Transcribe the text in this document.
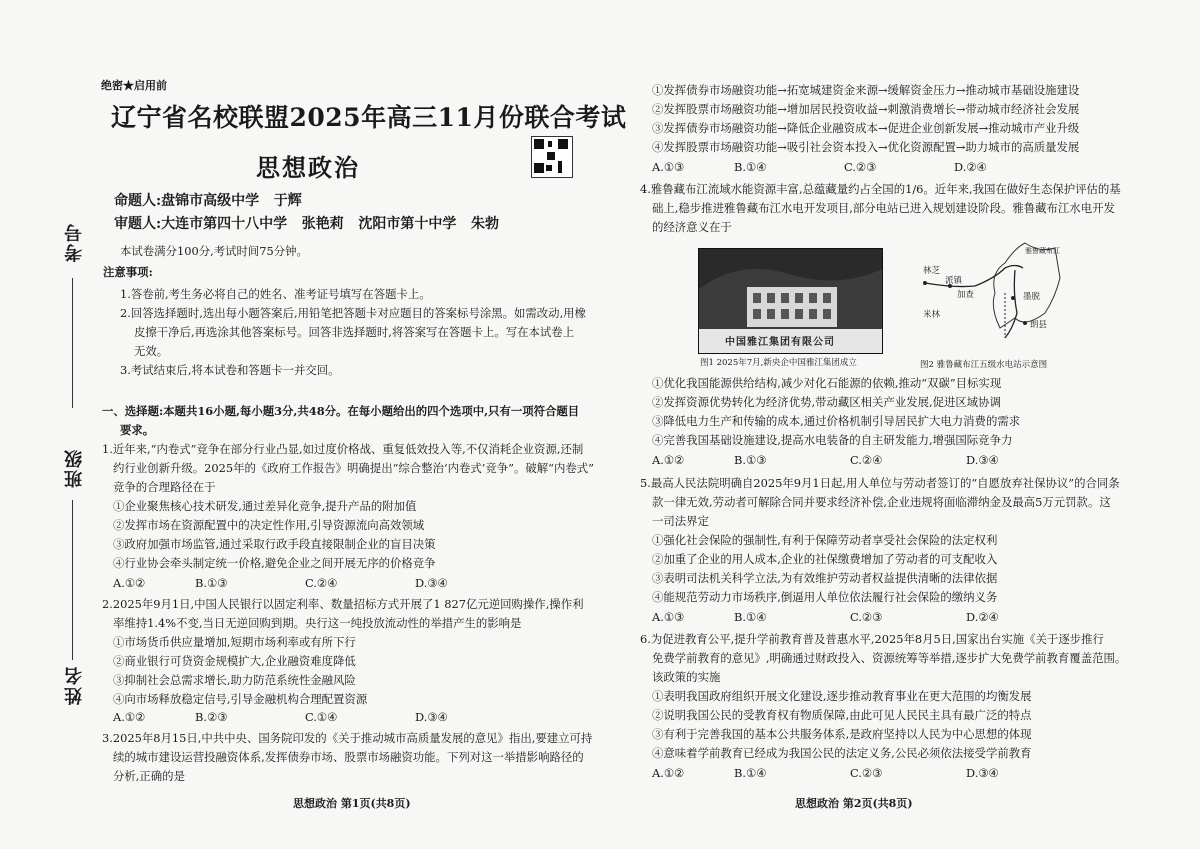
考号
班级
姓名
绝密★启用前
辽宁省名校联盟2025年高三11月份联合考试
思想政治
命题人:盘锦市高级中学   于辉
审题人:大连市第四十八中学   张艳莉   沈阳市第十中学   朱勃
本试卷满分100分,考试时间75分钟。
注意事项:
1.答卷前,考生务必将自己的姓名、准考证号填写在答题卡上。
2.回答选择题时,选出每小题答案后,用铅笔把答题卡对应题目的答案标号涂黑。如需改动,用橡
皮擦干净后,再选涂其他答案标号。回答非选择题时,将答案写在答题卡上。写在本试卷上
无效。
3.考试结束后,将本试卷和答题卡一并交回。
一、选择题:本题共16小题,每小题3分,共48分。在每小题给出的四个选项中,只有一项符合题目
要求。
1.近年来,“内卷式”竞争在部分行业凸显,如过度价格战、重复低效投入等,不仅消耗企业资源,还制
约行业创新升级。2025年的《政府工作报告》明确提出“综合整治‘内卷式’竞争”。破解“内卷式”
竞争的合理路径在于
①企业聚焦核心技术研发,通过差异化竞争,提升产品的附加值
②发挥市场在资源配置中的决定性作用,引导资源流向高效领域
③政府加强市场监管,通过采取行政手段直接限制企业的盲目决策
④行业协会牵头制定统一价格,避免企业之间开展无序的价格竞争
A.①②	B.①③	C.②④	D.③④
2.2025年9月1日,中国人民银行以固定利率、数量招标方式开展了1 827亿元逆回购操作,操作利
率维持1.4%不变,当日无逆回购到期。央行这一纯投放流动性的举措产生的影响是
①市场货币供应量增加,短期市场利率或有所下行
②商业银行可贷资金规模扩大,企业融资难度降低
③抑制社会总需求增长,助力防范系统性金融风险
④向市场释放稳定信号,引导金融机构合理配置资源
A.①②	B.②③	C.①④	D.③④
3.2025年8月15日,中共中央、国务院印发的《关于推动城市高质量发展的意见》指出,要建立可持
续的城市建设运营投融资体系,发挥债券市场、股票市场融资功能。下列对这一举措影响路径的
分析,正确的是
思想政治 第1页(共8页)
①发挥债券市场融资功能→拓宽城建资金来源→缓解资金压力→推动城市基础设施建设
②发挥股票市场融资功能→增加居民投资收益→刺激消费增长→带动城市经济社会发展
③发挥债券市场融资功能→降低企业融资成本→促进企业创新发展→推动城市产业升级
④发挥股票市场融资功能→吸引社会资本投入→优化资源配置→助力城市的高质量发展
A.①③	B.①④	C.②③	D.②④
4.雅鲁藏布江流域水能资源丰富,总蕴藏量约占全国的1/6。近年来,我国在做好生态保护评估的基
础上,稳步推进雅鲁藏布江水电开发项目,部分电站已进入规划建设阶段。雅鲁藏布江水电开发
的经济意义在于
中国雅江集团有限公司
图1 2025年7月,新央企中国雅江集团成立
林芝
米林
墨脱
雅鲁藏布江
加查
朗县
派镇
图2 雅鲁藏布江五级水电站示意图
①优化我国能源供给结构,减少对化石能源的依赖,推动“双碳”目标实现
②发挥资源优势转化为经济优势,带动藏区相关产业发展,促进区域协调
③降低电力生产和传输的成本,通过价格机制引导居民扩大电力消费的需求
④完善我国基础设施建设,提高水电装备的自主研发能力,增强国际竞争力
A.①②	B.①③	C.②④	D.③④
5.最高人民法院明确自2025年9月1日起,用人单位与劳动者签订的“自愿放弃社保协议”的合同条
款一律无效,劳动者可解除合同并要求经济补偿,企业违规将面临滞纳金及最高5万元罚款。这
一司法界定
①强化社会保险的强制性,有利于保障劳动者享受社会保险的法定权利
②加重了企业的用人成本,企业的社保缴费增加了劳动者的可支配收入
③表明司法机关科学立法,为有效维护劳动者权益提供清晰的法律依据
④能规范劳动力市场秩序,倒逼用人单位依法履行社会保险的缴纳义务
A.①③	B.①④	C.②③	D.②④
6.为促进教育公平,提升学前教育普及普惠水平,2025年8月5日,国家出台实施《关于逐步推行
免费学前教育的意见》,明确通过财政投入、资源统筹等举措,逐步扩大免费学前教育覆盖范围。
该政策的实施
①表明我国政府组织开展文化建设,逐步推动教育事业在更大范围的均衡发展
②说明我国公民的受教育权有物质保障,由此可见人民民主具有最广泛的特点
③有利于完善我国的基本公共服务体系,是政府坚持以人民为中心思想的体现
④意味着学前教育已经成为我国公民的法定义务,公民必须依法接受学前教育
A.①②	B.①④	C.②③	D.③④
思想政治 第2页(共8页)
